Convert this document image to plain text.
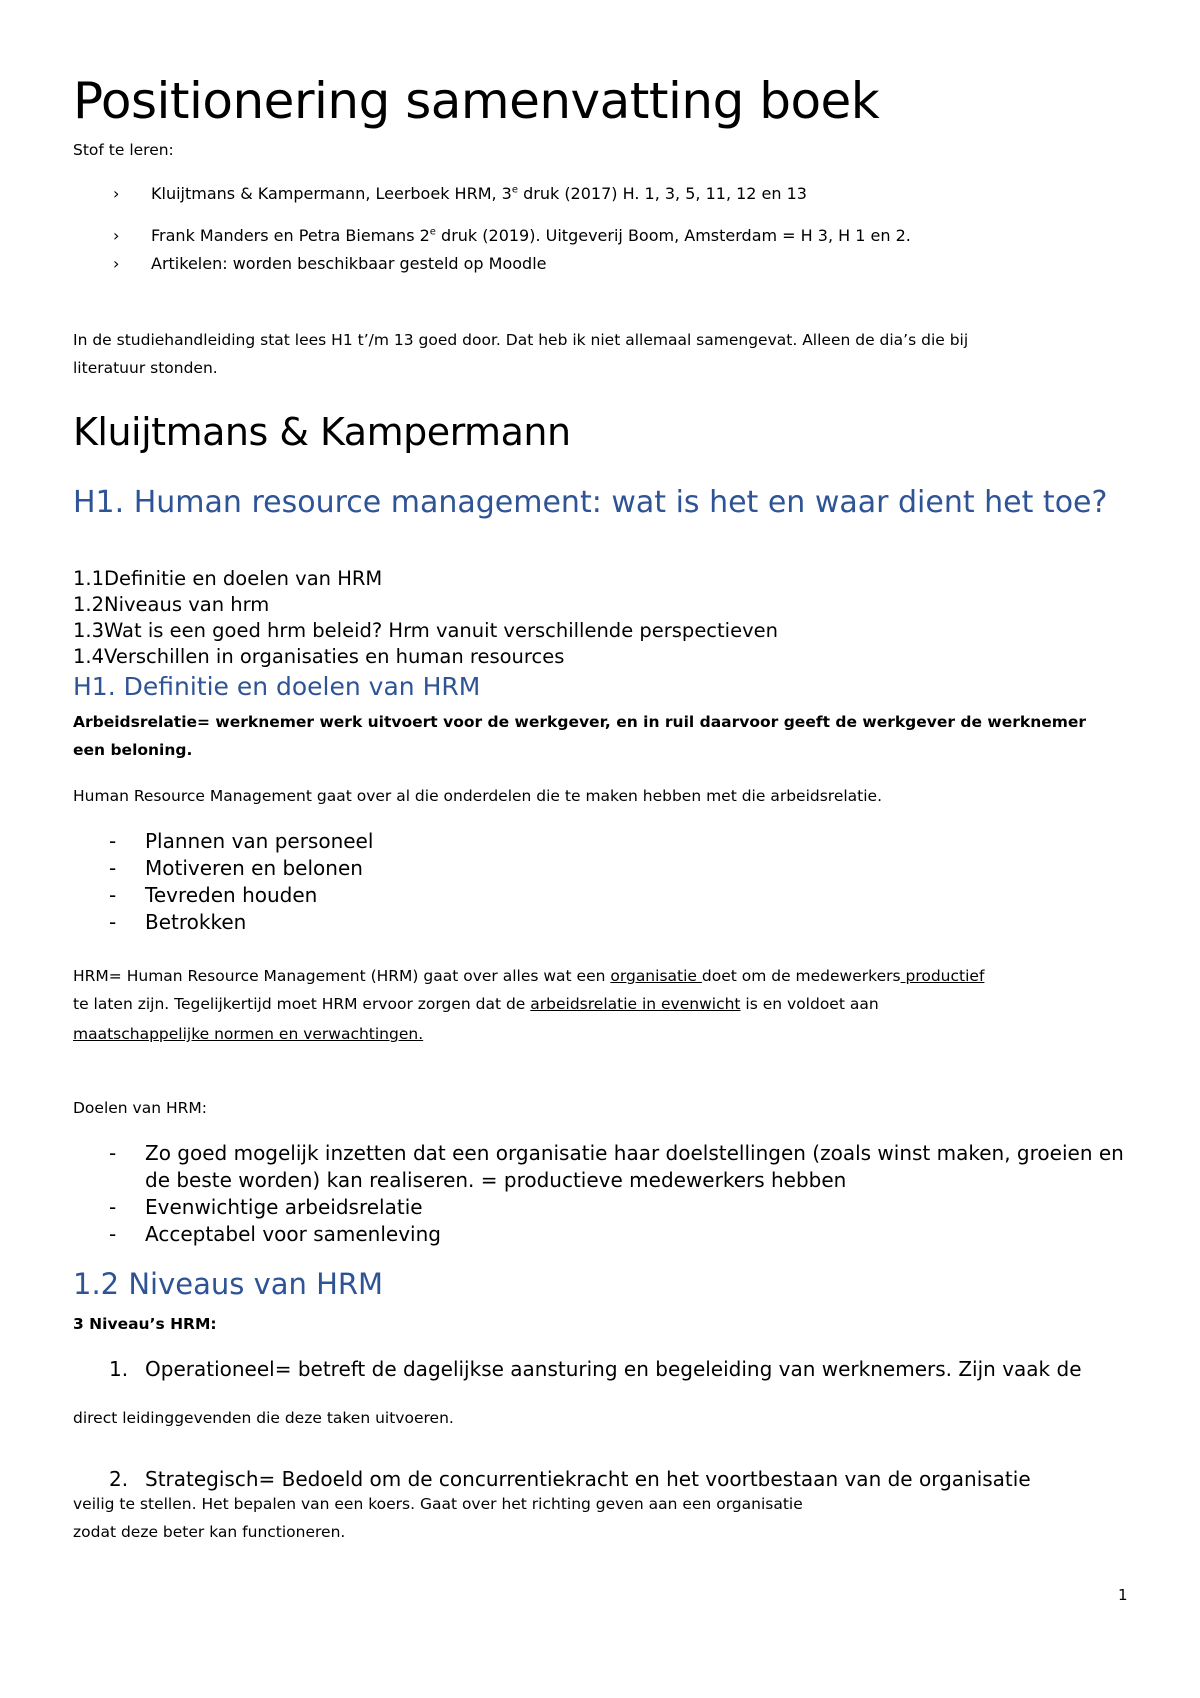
Positionering samenvatting boek

Stof te leren:

› Kluijtmans & Kampermann, Leerboek HRM, 3e druk (2017) H. 1, 3, 5, 11, 12 en 13
› Frank Manders en Petra Biemans 2e druk (2019). Uitgeverij Boom, Amsterdam = H 3, H 1 en 2.
› Artikelen: worden beschikbaar gesteld op Moodle

In de studiehandleiding stat lees H1 t’/m 13 goed door. Dat heb ik niet allemaal samengevat. Alleen de dia’s die bij

literatuur stonden.

Kluijtmans & Kampermann
H1. Human resource management: wat is het en waar dient het toe?
1.1Definitie en doelen van HRM
1.2Niveaus van hrm
1.3Wat is een goed hrm beleid? Hrm vanuit verschillende perspectieven
1.4Verschillen in organisaties en human resources
H1. Definitie en doelen van HRM

Arbeidsrelatie= werknemer werk uitvoert voor de werkgever, en in ruil daarvoor geeft de werkgever de werknemer

een beloning.

Human Resource Management gaat over al die onderdelen die te maken hebben met die arbeidsrelatie.

- Plannen van personeel
- Motiveren en belonen
- Tevreden houden
- Betrokken

HRM= Human Resource Management (HRM) gaat over alles wat een organisatie doet om de medewerkers productief

te laten zijn. Tegelijkertijd moet HRM ervoor zorgen dat de arbeidsrelatie in evenwicht is en voldoet aan

maatschappelijke normen en verwachtingen.

Doelen van HRM:

- Zo goed mogelijk inzetten dat een organisatie haar doelstellingen (zoals winst maken, groeien en de beste worden) kan realiseren. = productieve medewerkers hebben
- Evenwichtige arbeidsrelatie
- Acceptabel voor samenleving
1.2 Niveaus van HRM

3 Niveau’s HRM:

1. Operationeel= betreft de dagelijkse aansturing en begeleiding van werknemers. Zijn vaak de

direct leidinggevenden die deze taken uitvoeren.

2. Strategisch= Bedoeld om de concurrentiekracht en het voortbestaan van de organisatie

veilig te stellen. Het bepalen van een koers. Gaat over het richting geven aan een organisatie

zodat deze beter kan functioneren.

1
